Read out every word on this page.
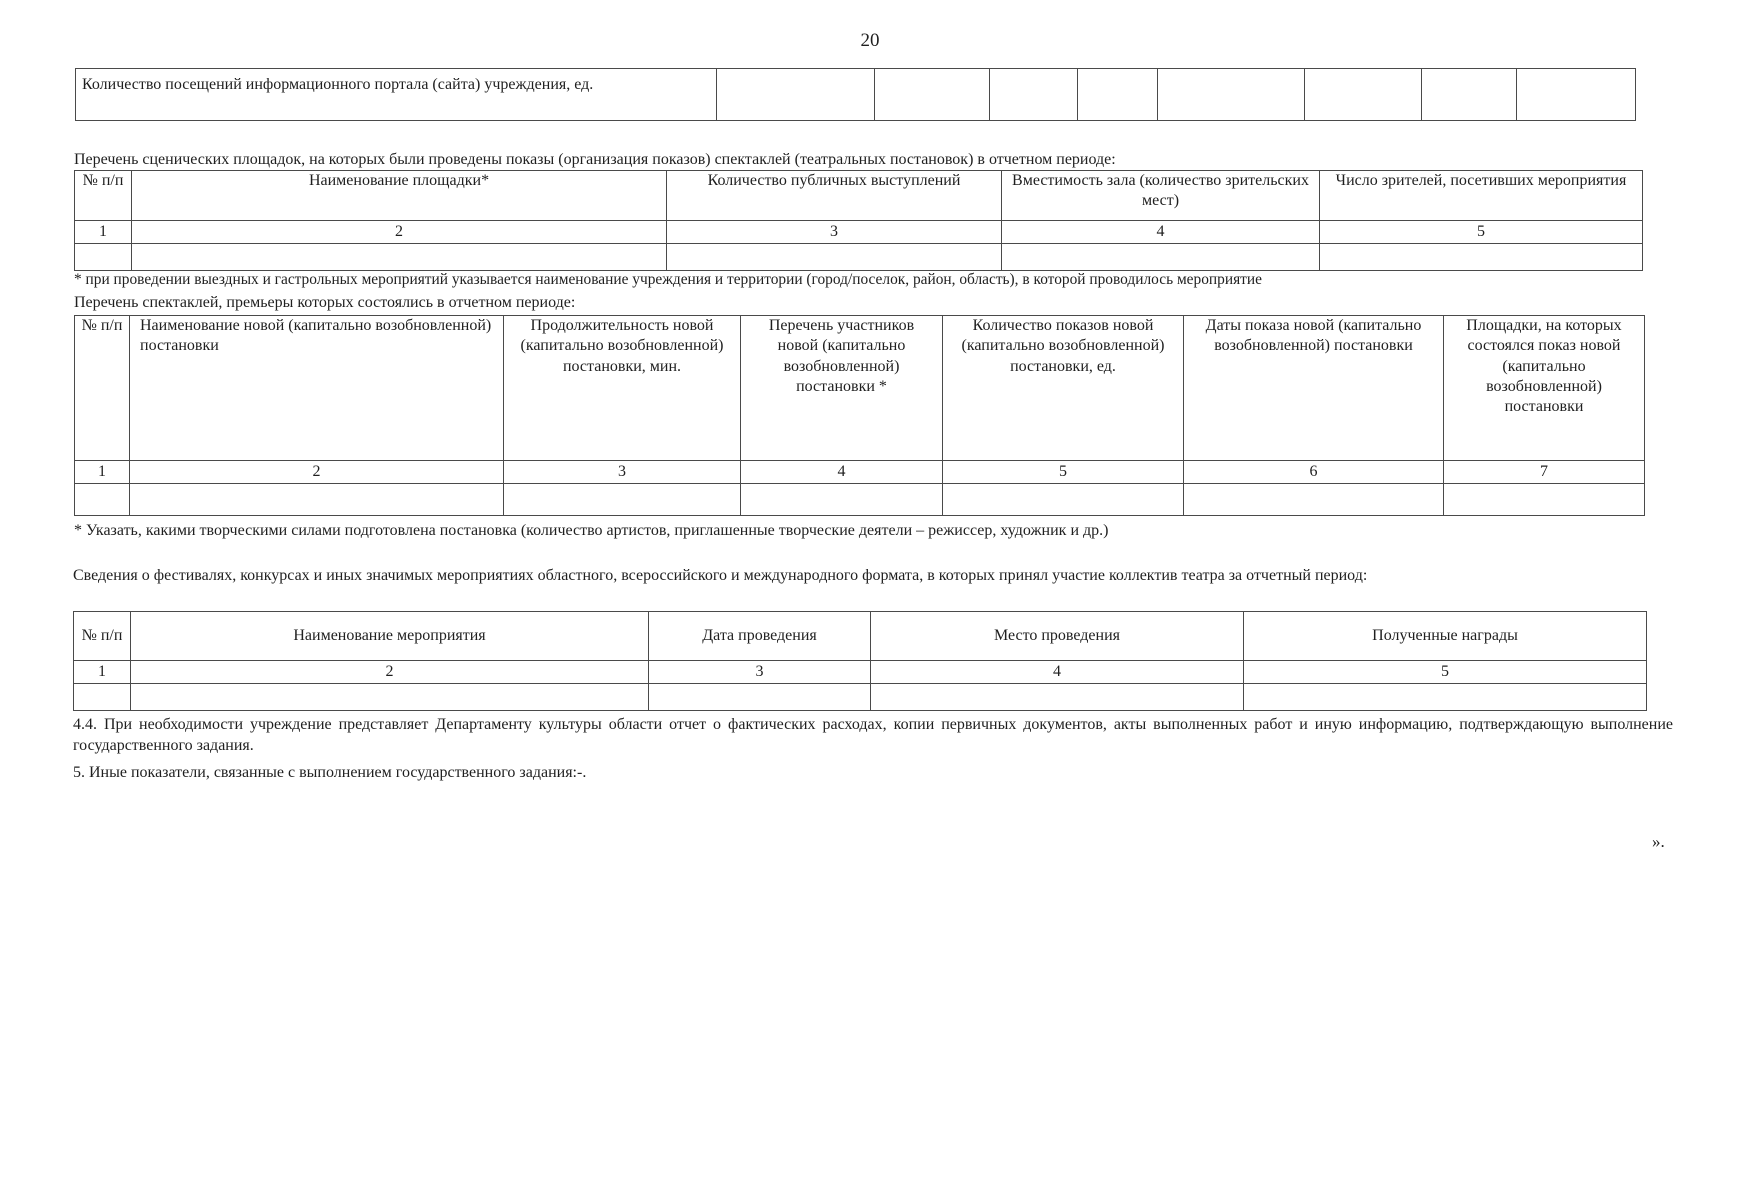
20
Количество посещений информационного портала (сайта) учреждения, ед.								
Перечень сценических площадок, на которых были проведены показы (организация показов) спектаклей (театральных постановок) в отчетном периоде:
№ п/п	Наименование площадки*	Количество публичных выступлений	Вместимость зала (количество зрительских мест)	Число зрителей, посетивших мероприятия
1	2	3	4	5

* при проведении выездных и гастрольных мероприятий указывается наименование учреждения и территории (город/поселок, район, область), в которой проводилось мероприятие
Перечень спектаклей, премьеры которых состоялись в отчетном периоде:
№ п/п	Наименование новой (капитально возобновленной) постановки	Продолжительность новой (капитально возобновленной) постановки, мин.	Перечень участников новой (капитально возобновленной) постановки *	Количество показов новой (капитально возобновленной) постановки, ед.	Даты показа новой (капитально возобновленной) постановки	Площадки, на которых состоялся показ новой (капитально возобновленной) постановки
1	2	3	4	5	6	7

* Указать, какими творческими силами подготовлена постановка (количество артистов, приглашенные творческие деятели – режиссер, художник и др.)
Сведения о фестивалях, конкурсах и иных значимых мероприятиях областного, всероссийского и международного формата, в которых принял участие коллектив театра за отчетный период:
№ п/п	Наименование мероприятия	Дата проведения	Место проведения	Полученные награды
1	2	3	4	5

4.4. При необходимости учреждение представляет Департаменту культуры области отчет о фактических расходах, копии первичных документов, акты выполненных работ и иную информацию, подтверждающую выполнение государственного задания.
5. Иные показатели, связанные с выполнением государственного задания:-.
».
